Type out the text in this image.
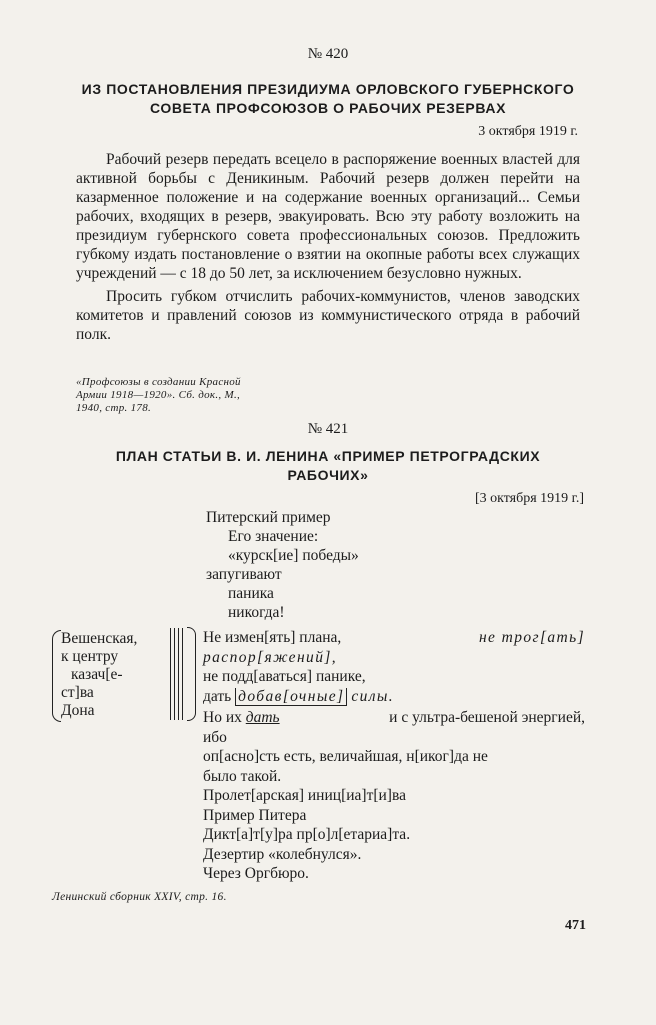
№ 420
ИЗ ПОСТАНОВЛЕНИЯ ПРЕЗИДИУМА ОРЛОВСКОГО ГУБЕРНСКОГО
СОВЕТА ПРОФСОЮЗОВ О РАБОЧИХ РЕЗЕРВАХ
3 октября 1919 г.

Рабочий резерв передать всецело в распоряжение военных властей для активной борьбы с Деникиным. Рабочий резерв должен перейти на казарменное положение и на содержание военных организаций... Семьи рабочих, входящих в резерв, эвакуировать. Всю эту работу возложить на президиум губернского совета профессиональных союзов. Предложить губкому издать постановление о взятии на окопные работы всех служащих учреждений — с 18 до 50 лет, за исключением безусловно нужных.

Просить губком отчислить рабочих-коммунистов, членов заводских комитетов и правлений союзов из коммунистического отряда в рабочий полк.

«Профсоюзы в создании Красной
Армии 1918—1920». Сб. док., М.,
1940, стр. 178.
№ 421
ПЛАН СТАТЬИ В. И. ЛЕНИНА «ПРИМЕР ПЕТРОГРАДСКИХ
РАБОЧИХ»
[3 октября 1919 г.]
Питерский пример
Его значение:
«курск[ие] победы»
запугивают
паника
никогда!
Вешенская,
к центру
казач[е-
ст]ва
Дона
Не измен[ять] плана,	не трог[ать]
распор[яжений],
не подд[аваться] панике,
дать добав[очные] силы.
Но их дать	и с ультра-бешеной энергией,
ибо
оп[асно]сть есть, величайшая, н[иког]да не
было такой.
Пролет[арская] иниц[иа]т[и]ва
Пример Питера
Дикт[а]т[у]ра пр[о]л[етариа]та.
Дезертир «колебнулся».
Через Оргбюро.
Ленинский сборник XXIV, стр. 16.
471
